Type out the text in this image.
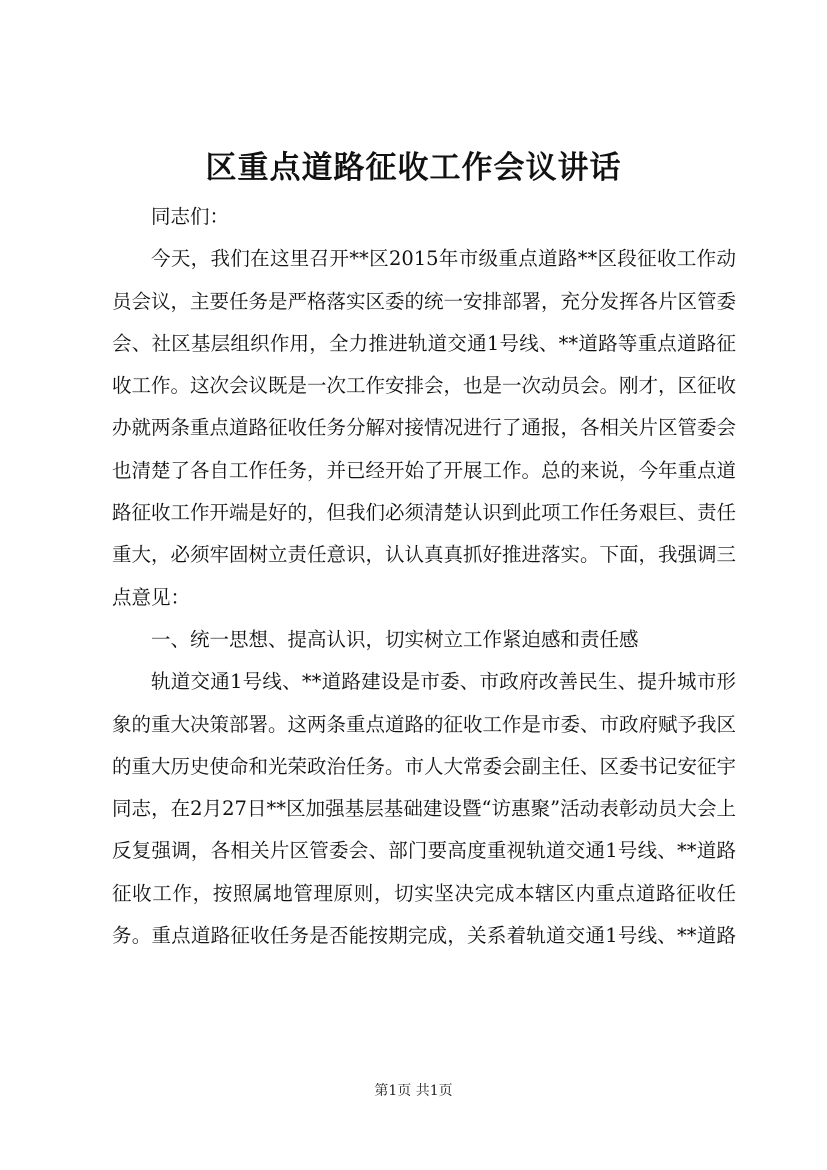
区重点道路征收工作会议讲话

同志们：

今天，我们在这里召开**区2015年市级重点道路**区段征收工作动员会议，主要任务是严格落实区委的统一安排部署，充分发挥各片区管委会、社区基层组织作用，全力推进轨道交通1号线、**道路等重点道路征收工作。这次会议既是一次工作安排会，也是一次动员会。刚才，区征收办就两条重点道路征收任务分解对接情况进行了通报，各相关片区管委会也清楚了各自工作任务，并已经开始了开展工作。总的来说，今年重点道路征收工作开端是好的，但我们必须清楚认识到此项工作任务艰巨、责任重大，必须牢固树立责任意识，认认真真抓好推进落实。下面，我强调三点意见：

一、统一思想、提高认识，切实树立工作紧迫感和责任感

轨道交通1号线、**道路建设是市委、市政府改善民生、提升城市形象的重大决策部署。这两条重点道路的征收工作是市委、市政府赋予我区的重大历史使命和光荣政治任务。市人大常委会副主任、区委书记安征宇同志，在2月27日**区加强基层基础建设暨“访惠聚”活动表彰动员大会上反复强调，各相关片区管委会、部门要高度重视轨道交通1号线、**道路征收工作，按照属地管理原则，切实坚决完成本辖区内重点道路征收任务。重点道路征收任务是否能按期完成，关系着轨道交通1号线、**道路

第1页 共1页
